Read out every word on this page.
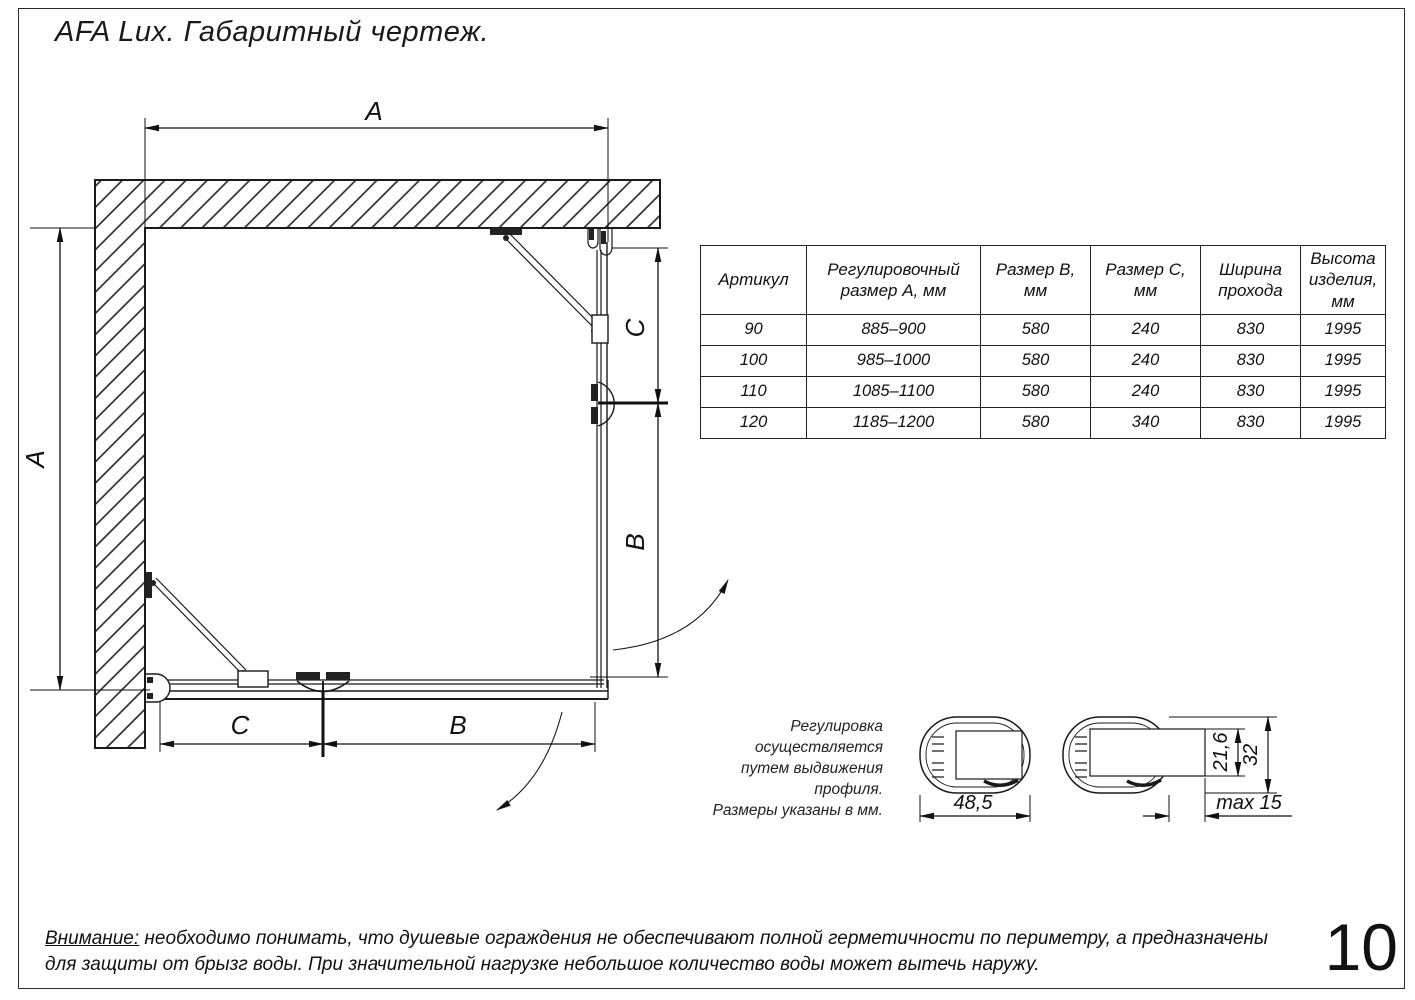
AFA Lux. Габаритный чертеж.
A
A
C
B
C	B
48,5
21,6 32
max 15
Артикул	Регулировочный размер А, мм	Размер В, мм	Размер С, мм	Ширина прохода	Высота изделия, мм
90	885–900	580	240	830	1995
100	985–1000	580	240	830	1995
110	1085–1100	580	240	830	1995
120	1185–1200	580	340	830	1995
Регулировка осуществляется
путем выдвижения профиля.
Размеры указаны в мм.
Внимание: необходимо понимать, что душевые ограждения не обеспечивают полной герметичности по периметру, а предназначены
для защиты от брызг воды. При значительной нагрузке небольшое количество воды может вытечь наружу.	10
